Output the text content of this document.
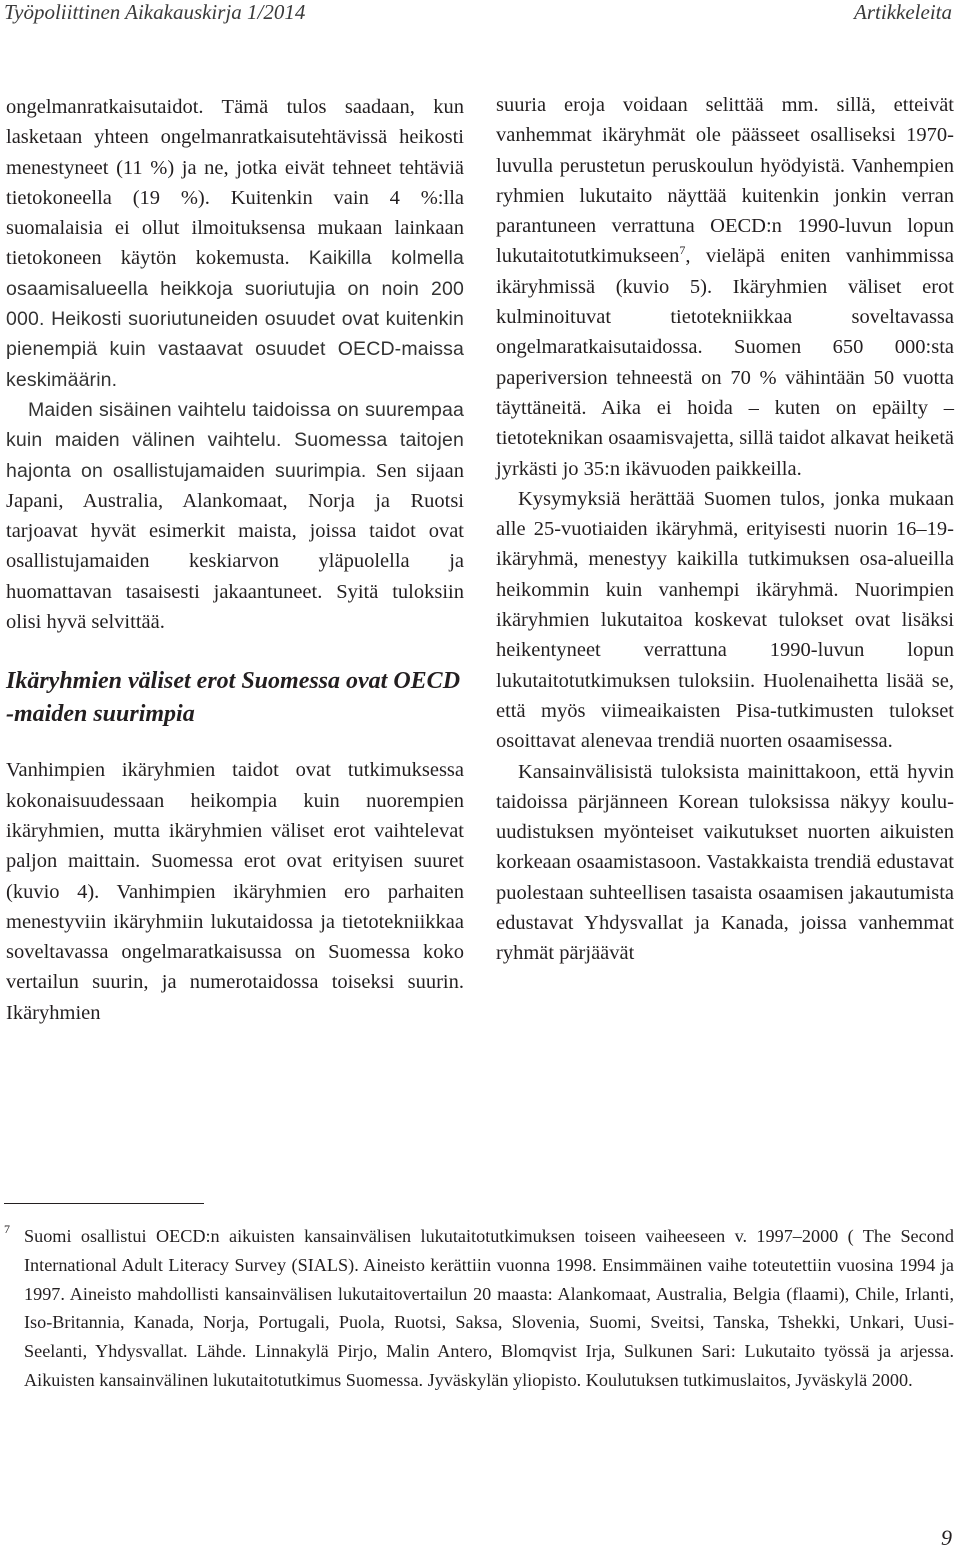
Työpoliittinen Aikakauskirja 1/2014	Artikkeleita

ongelmanratkaisutaidot. Tämä tulos saadaan, kun lasketaan yhteen ongelmanratkaisutehtävissä heikosti menestyneet (11 %) ja ne, jotka eivät tehneet tehtäviä tietokoneella (19 %). Kuitenkin vain 4 %:lla suomalaisia ei ollut ilmoituksensa mukaan lainkaan tietokoneen käytön kokemusta. Kaikilla kolmella osaamisalueella heikkoja suoriutujia on noin 200 000. Heikosti suoriutuneiden osuudet ovat kuitenkin pienempiä kuin vastaavat osuudet OECD-maissa keskimäärin.

Maiden sisäinen vaihtelu taidoissa on suurempaa kuin maiden välinen vaihtelu. Suomessa taitojen hajonta on osallistujamaiden suurimpia. Sen sijaan Japani, Australia, Alankomaat, Norja ja Ruotsi tarjoavat hyvät esimerkit maista, joissa taidot ovat osallistujamaiden keskiarvon yläpuolella ja huomattavan tasaisesti jakaantuneet. Syitä tuloksiin olisi hyvä selvittää.

Ikäryhmien väliset erot Suomessa ovat OECD -maiden suurimpia

Vanhimpien ikäryhmien taidot ovat tutkimuksessa kokonaisuudessaan heikompia kuin nuorempien ikäryhmien, mutta ikäryhmien väliset erot vaihtelevat paljon maittain. Suomessa erot ovat erityisen suuret (kuvio 4). Vanhimpien ikäryhmien ero parhaiten menestyviin ikäryhmiin lukutaidossa ja tietotekniikkaa soveltavassa ongelmaratkaisussa on Suomessa koko vertailun suurin, ja numerotaidossa toiseksi suurin. Ikäryhmien

suuria eroja voidaan selittää mm. sillä, etteivät vanhemmat ikäryhmät ole päässeet osalliseksi 1970-luvulla perustetun peruskoulun hyödyistä. Vanhempien ryhmien lukutaito näyttää kuitenkin jonkin verran parantuneen verrattuna OECD:n 1990-luvun lopun lukutaitotutkimukseen$^7$, vieläpä eniten vanhimmissa ikäryhmissä (kuvio 5). Ikäryhmien väliset erot kulminoituvat tietotekniikkaa soveltavassa ongelmaratkaisutaidossa. Suomen 650 000:sta paperiversion tehneestä on 70 % vähintään 50 vuotta täyttäneitä. Aika ei hoida – kuten on epäilty – tietoteknikan osaamisvajetta, sillä taidot alkavat heiketä jyrkästi jo 35:n ikävuoden paikkeilla.

Kysymyksiä herättää Suomen tulos, jonka mukaan alle 25-vuotiaiden ikäryhmä, erityisesti nuorin 16–19-ikäryhmä, menestyy kaikilla tutkimuksen osa-alueilla heikommin kuin vanhempi ikäryhmä. Nuorimpien ikäryhmien lukutaitoa koskevat tulokset ovat lisäksi heikentyneet verrattuna 1990-luvun lopun lukutaitotutkimuksen tuloksiin. Huolenaihetta lisää se, että myös viimeaikaisten Pisa-tutkimusten tulokset osoittavat alenevaa trendiä nuorten osaamisessa.

Kansainvälisistä tuloksista mainittakoon, että hyvin taidoissa pärjänneen Korean tuloksissa näkyy koulu-uudistuksen myönteiset vaikutukset nuorten aikuisten korkeaan osaamistasoon. Vastakkaista trendiä edustavat puolestaan suhteellisen tasaista osaamisen jakautumista edustavat Yhdysvallat ja Kanada, joissa vanhemmat ryhmät pärjäävät

7 Suomi osallistui OECD:n aikuisten kansainvälisen lukutaitotutkimuksen toiseen vaiheeseen v. 1997–2000 ( The Second International Adult Literacy Survey (SIALS). Aineisto kerättiin vuonna 1998. Ensimmäinen vaihe toteutettiin vuosina 1994 ja 1997. Aineisto mahdollisti kansainvälisen lukutaitovertailun 20 maasta: Alankomaat, Australia, Belgia (flaami), Chile, Irlanti, Iso-Britannia, Kanada, Norja, Portugali, Puola, Ruotsi, Saksa, Slovenia, Suomi, Sveitsi, Tanska, Tshekki, Unkari, Uusi-Seelanti, Yhdysvallat. Lähde. Linnakylä Pirjo, Malin Antero, Blomqvist Irja, Sulkunen Sari: Lukutaito työssä ja arjessa. Aikuisten kansainvälinen lukutaitotutkimus Suomessa. Jyväskylän yliopisto. Koulutuksen tutkimuslaitos, Jyväskylä 2000.

9
